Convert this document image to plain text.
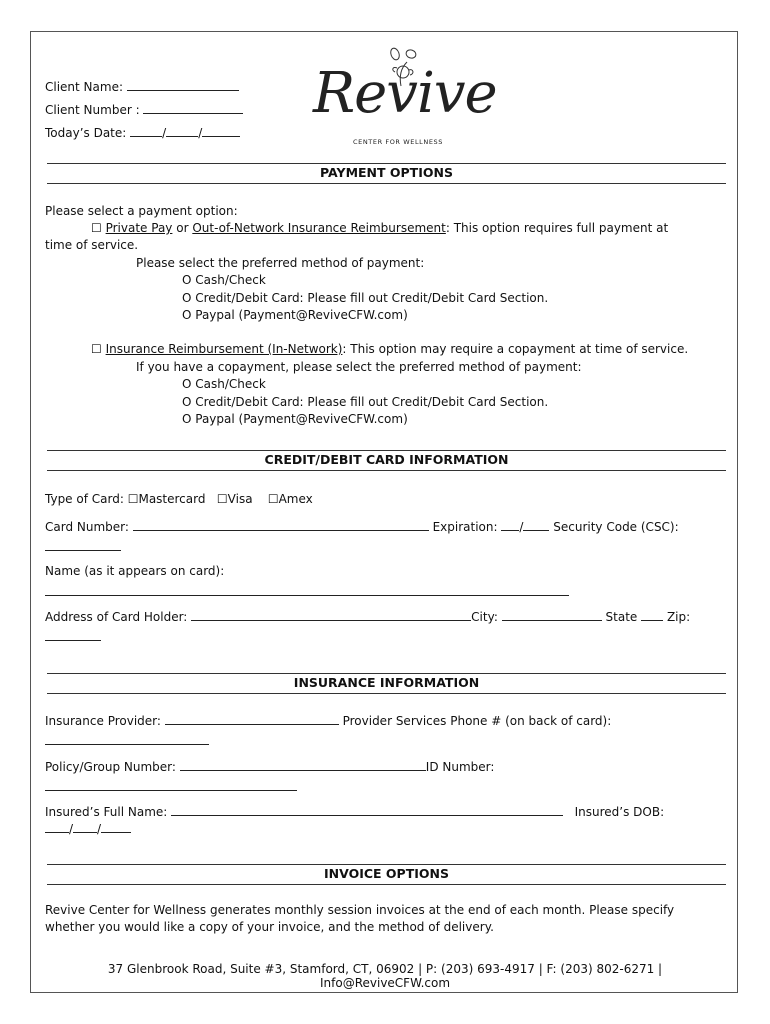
Client Name:
Client Number :
Today’s Date:	/	/
Revive
CENTER FOR WELLNESS
PAYMENT OPTIONS
Please select a payment option:
☐ Private Pay or Out-of-Network Insurance Reimbursement: This option requires full payment at
time of service.
Please select the preferred method of payment:
O Cash/Check
O Credit/Debit Card: Please fill out Credit/Debit Card Section.
O Paypal (Payment@ReviveCFW.com)
☐ Insurance Reimbursement (In-Network): This option may require a copayment at time of service.
If you have a copayment, please select the preferred method of payment:
O Cash/Check
O Credit/Debit Card: Please fill out Credit/Debit Card Section.
O Paypal (Payment@ReviveCFW.com)
CREDIT/DEBIT CARD INFORMATION
Type of Card: ☐Mastercard ☐Visa ☐Amex
Card Number:	Expiration: / Security Code (CSC):
Name (as it appears on card):
Address of Card Holder:	City:	State Zip:
INSURANCE INFORMATION
Insurance Provider:	Provider Services Phone # (on back of card):
Policy/Group Number:	ID Number:
Insured’s Full Name:	Insured’s DOB:
/ /
INVOICE OPTIONS
Revive Center for Wellness generates monthly session invoices at the end of each month. Please specify
whether you would like a copy of your invoice, and the method of delivery.
37 Glenbrook Road, Suite #3, Stamford, CT, 06902 | P: (203) 693-4917 | F: (203) 802-6271 |
Info@ReviveCFW.com
